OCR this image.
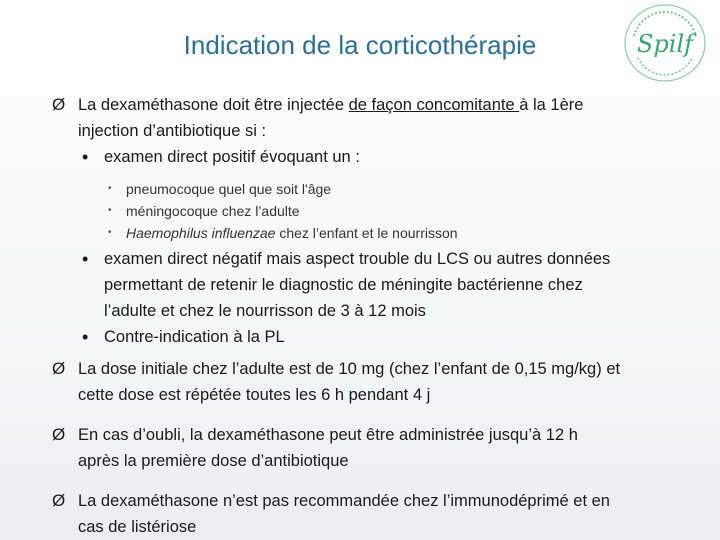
Indication de la corticothérapie	Spilf
Ø La dexaméthasone doit être injectée de façon concomitante à la 1ère
injection d’antibiotique si :
• examen direct positif évoquant un :
• pneumocoque quel que soit l'âge
• méningocoque chez l’adulte
• Haemophilus influenzae chez l’enfant et le nourrisson
• examen direct négatif mais aspect trouble du LCS ou autres données
permettant de retenir le diagnostic de méningite bactérienne chez
l’adulte et chez le nourrisson de 3 à 12 mois
• Contre-indication à la PL
Ø La dose initiale chez l’adulte est de 10 mg (chez l’enfant de 0,15 mg/kg) et
cette dose est répétée toutes les 6 h pendant 4 j
Ø En cas d’oubli, la dexaméthasone peut être administrée jusqu’à 12 h
après la première dose d’antibiotique
Ø La dexaméthasone n’est pas recommandée chez l’immunodéprimé et en
cas de listériose
